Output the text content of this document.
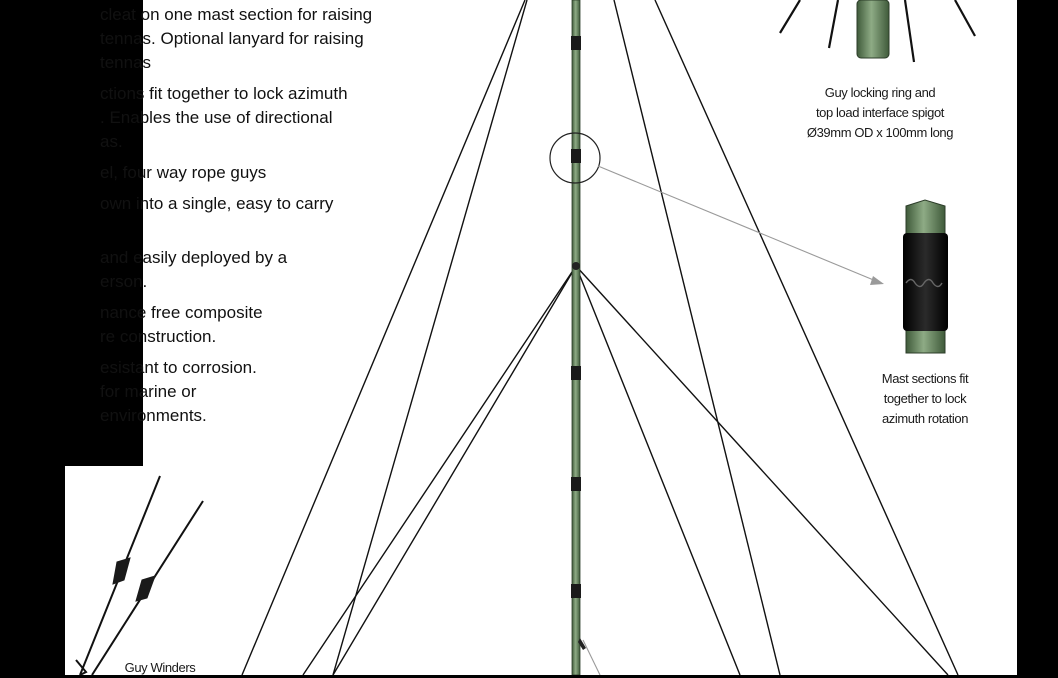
cleat on one mast section for raising
tennas. Optional lanyard for raising
tennas
ctions fit together to lock azimuth
. Enables the use of directional
as.
el, four way rope guys
own into a single, easy to carry
and easily deployed by a
erson.
nance free composite
re construction.
esistant to corrosion.
for marine or
environments.
Guy locking ring and
top load interface spigot
Ø39mm OD x 100mm long
Mast sections fit
together to lock
azimuth rotation
Guy Winders
